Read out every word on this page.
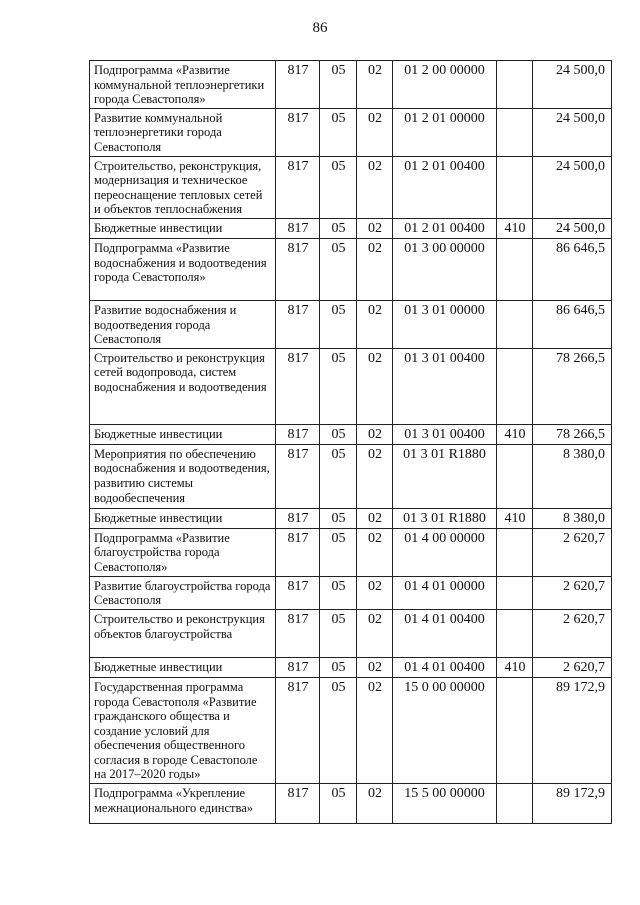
86
Подпрограмма «Развитие коммунальной теплоэнергетики города Севастополя»	817	05	02	01 2 00 00000		24 500,0
Развитие коммунальной теплоэнергетики города Севастополя	817	05	02	01 2 01 00000		24 500,0
Строительство, реконструкция, модернизация и техническое переоснащение тепловых сетей и объектов теплоснабжения	817	05	02	01 2 01 00400		24 500,0
Бюджетные инвестиции	817	05	02	01 2 01 00400	410	24 500,0
Подпрограмма «Развитие водоснабжения и водоотведения города Севастополя»	817	05	02	01 3 00 00000		86 646,5
Развитие водоснабжения и водоотведения города Севастополя	817	05	02	01 3 01 00000		86 646,5
Строительство и реконструкция сетей водопровода, систем водоснабжения и водоотведения	817	05	02	01 3 01 00400		78 266,5
Бюджетные инвестиции	817	05	02	01 3 01 00400	410	78 266,5
Мероприятия по обеспечению водоснабжения и водоотведения, развитию системы водообеспечения	817	05	02	01 3 01 R1880		8 380,0
Бюджетные инвестиции	817	05	02	01 3 01 R1880	410	8 380,0
Подпрограмма «Развитие благоустройства города Севастополя»	817	05	02	01 4 00 00000		2 620,7
Развитие благоустройства города Севастополя	817	05	02	01 4 01 00000		2 620,7
Строительство и реконструкция объектов благоустройства	817	05	02	01 4 01 00400		2 620,7
Бюджетные инвестиции	817	05	02	01 4 01 00400	410	2 620,7
Государственная программа города Севастополя «Развитие гражданского общества и создание условий для обеспечения общественного согласия в городе Севастополе на 2017–2020 годы»	817	05	02	15 0 00 00000		89 172,9
Подпрограмма «Укрепление межнационального единства»	817	05	02	15 5 00 00000		89 172,9
